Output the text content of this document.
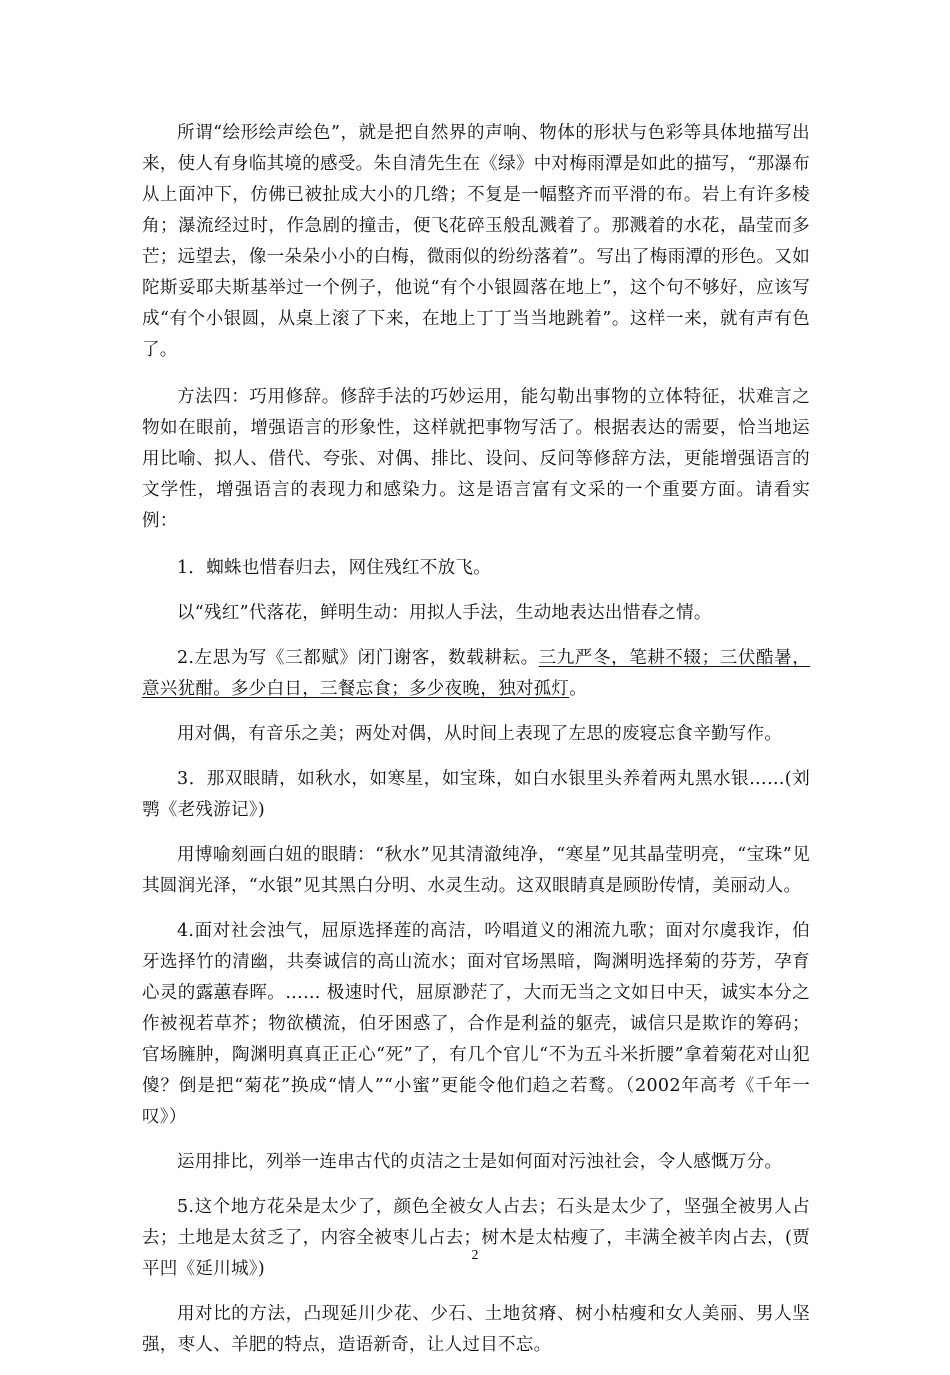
所谓“绘形绘声绘色”，就是把自然界的声响、物体的形状与色彩等具体地描写出来，使人有身临其境的感受。朱自清先生在《绿》中对梅雨潭是如此的描写，“那瀑布从上面冲下，仿佛已被扯成大小的几绺；不复是一幅整齐而平滑的布。岩上有许多棱角；瀑流经过时，作急剧的撞击，便飞花碎玉般乱溅着了。那溅着的水花，晶莹而多芒；远望去，像一朵朵小小的白梅，微雨似的纷纷落着”。写出了梅雨潭的形色。又如陀斯妥耶夫斯基举过一个例子，他说“有个小银圆落在地上”，这个句不够好，应该写成“有个小银圆，从桌上滚了下来，在地上丁丁当当地跳着”。这样一来，就有声有色了。

方法四：巧用修辞。修辞手法的巧妙运用，能勾勒出事物的立体特征，状难言之物如在眼前，增强语言的形象性，这样就把事物写活了。根据表达的需要，恰当地运用比喻、拟人、借代、夸张、对偶、排比、设问、反问等修辞方法，更能增强语言的文学性，增强语言的表现力和感染力。这是语言富有文采的一个重要方面。请看实例：

1．蜘蛛也惜春归去，网住残红不放飞。

以“残红”代落花，鲜明生动：用拟人手法，生动地表达出惜春之情。

2.左思为写《三都赋》闭门谢客，数载耕耘。三九严冬，笔耕不辍；三伏酷暑，意兴犹酣。多少白日，三餐忘食；多少夜晚，独对孤灯。

用对偶，有音乐之美；两处对偶，从时间上表现了左思的废寝忘食辛勤写作。

3．那双眼睛，如秋水，如寒星，如宝珠，如白水银里头养着两丸黑水银……(刘鹗《老残游记》)

用博喻刻画白妞的眼睛：“秋水”见其清澈纯净，“寒星”见其晶莹明亮，“宝珠”见其圆润光泽，“水银”见其黑白分明、水灵生动。这双眼睛真是顾盼传情，美丽动人。

4.面对社会浊气，屈原选择莲的高洁，吟唱道义的湘流九歌；面对尔虞我诈，伯牙选择竹的清幽，共奏诚信的高山流水；面对官场黑暗，陶渊明选择菊的芬芳，孕育心灵的露蕙春晖。…… 极速时代，屈原渺茫了，大而无当之文如日中天，诚实本分之作被视若草芥；物欲横流，伯牙困惑了，合作是利益的躯壳，诚信只是欺诈的筹码；官场臃肿，陶渊明真真正正心“死”了，有几个官儿“不为五斗米折腰”拿着菊花对山犯傻？倒是把“菊花”换成“情人”“小蜜”更能令他们趋之若鹜。（2002年高考《千年一叹》）

运用排比，列举一连串古代的贞洁之士是如何面对污浊社会，令人感慨万分。

5.这个地方花朵是太少了，颜色全被女人占去；石头是太少了，坚强全被男人占去；土地是太贫乏了，内容全被枣儿占去；树木是太枯瘦了，丰满全被羊肉占去，(贾平凹《延川城》)

用对比的方法，凸现延川少花、少石、土地贫瘠、树小枯瘦和女人美丽、男人坚强，枣人、羊肥的特点，造语新奇，让人过目不忘。

2
